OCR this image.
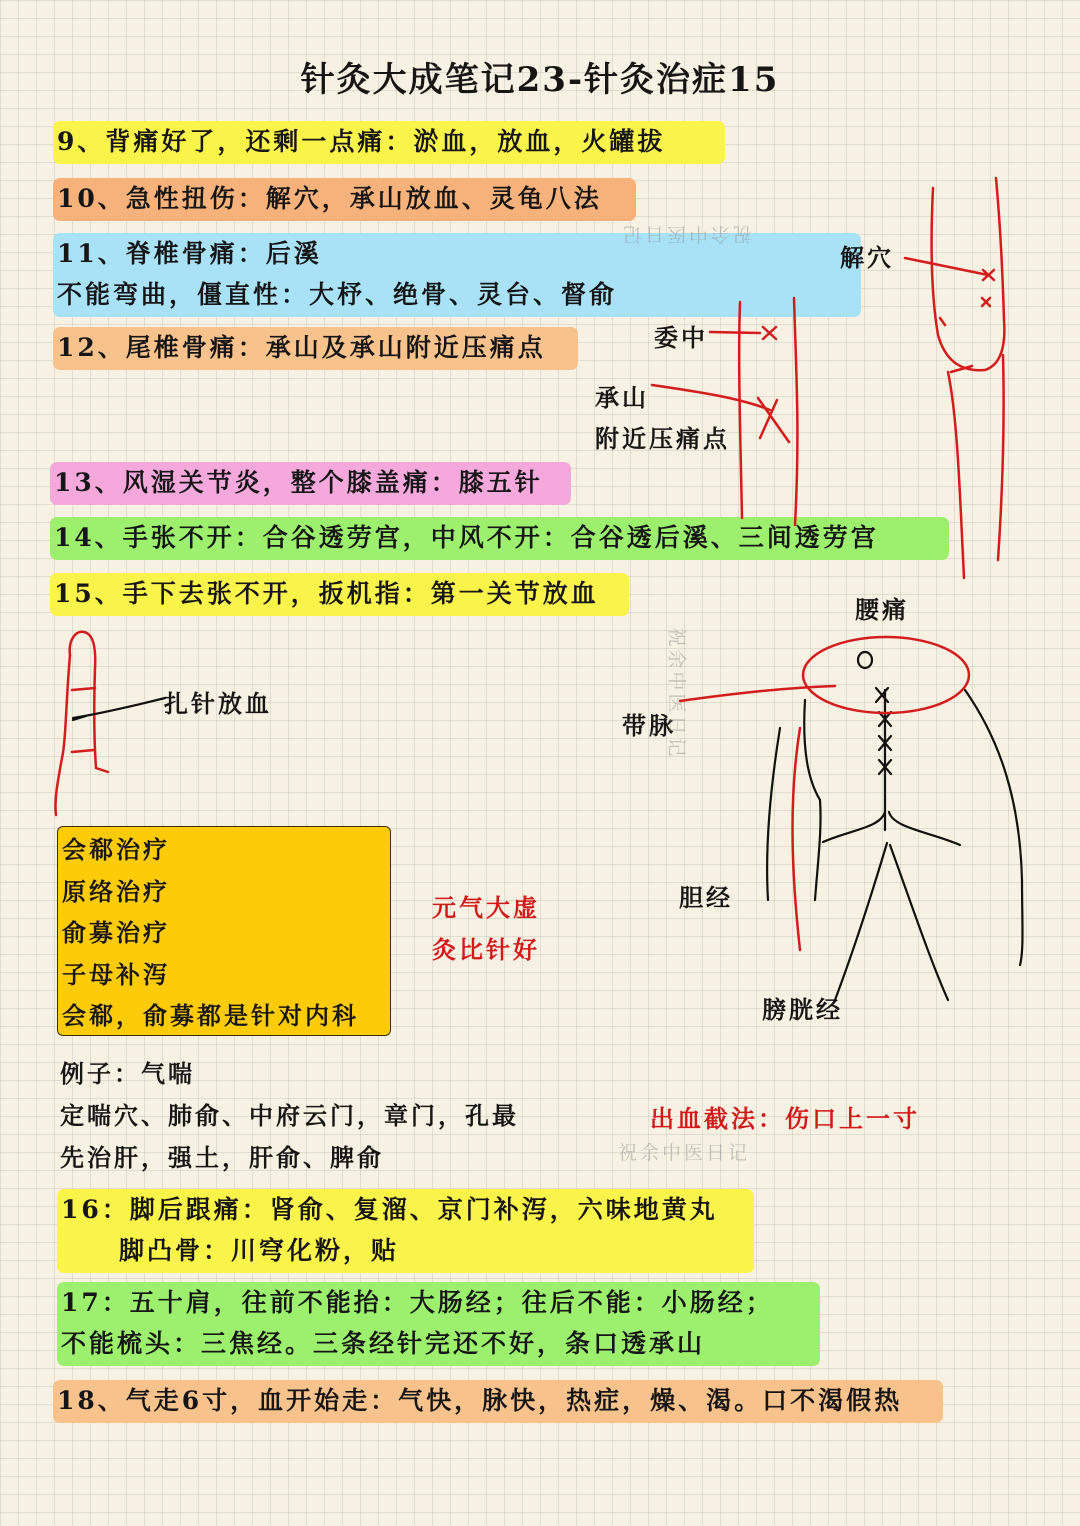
针灸大成笔记23-针灸治症15
9、背痛好了，还剩一点痛：淤血，放血，火罐拔
10、急性扭伤：解穴，承山放血、灵龟八法
11、脊椎骨痛：后溪
不能弯曲，僵直性：大杼、绝骨、灵台、督俞
12、尾椎骨痛：承山及承山附近压痛点
13、风湿关节炎，整个膝盖痛：膝五针
14、手张不开：合谷透劳宫，中风不开：合谷透后溪、三间透劳宫
15、手下去张不开，扳机指：第一关节放血
会郗治疗
原络治疗
俞募治疗
子母补泻
会郗，俞募都是针对内科
元气大虚
灸比针好
例子：气喘
定喘穴、肺俞、中府云门，章门，孔最
先治肝，强土，肝俞、脾俞
出血截法：伤口上一寸
16：脚后跟痛：肾俞、复溜、京门补泻，六味地黄丸
脚凸骨：川穹化粉，贴
17：五十肩，往前不能抬：大肠经；往后不能：小肠经；
不能梳头：三焦经。三条经针完还不好，条口透承山
18、气走6寸，血开始走：气快，脉快，热症，燥、渴。口不渴假热
解穴
委中
承山
附近压痛点
腰痛
带脉
胆经
膀胱经
扎针放血
祝余中医日记
祝余中医日记
祝余中医日记
